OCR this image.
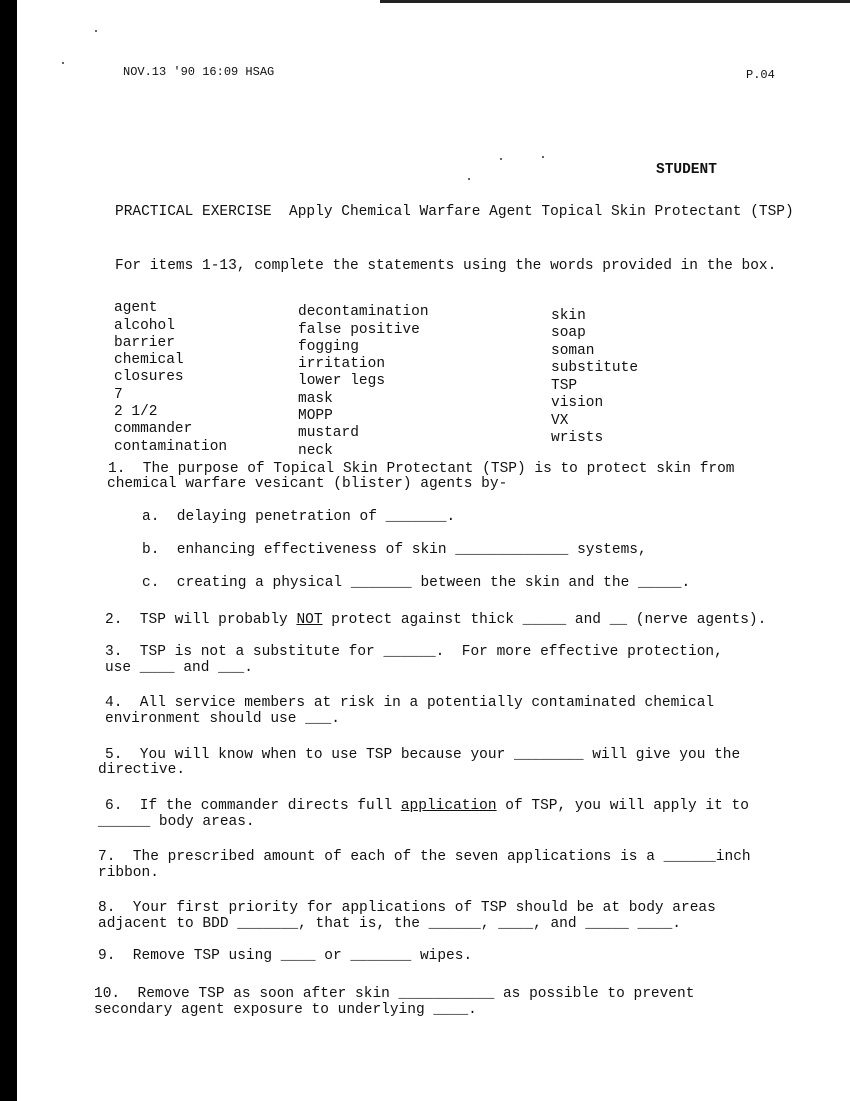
NOV.13 '90 16:09 HSAG	P.04
STUDENT
PRACTICAL EXERCISE  Apply Chemical Warfare Agent Topical Skin Protectant (TSP)
For items 1-13, complete the statements using the words provided in the box.

agent
alcohol
barrier
chemical
closures
7
2 1/2
commander
contamination

decontamination
false positive
fogging
irritation
lower legs
mask
MOPP
mustard
neck

skin
soap
soman
substitute
TSP
vision
VX
wrists
1.  The purpose of Topical Skin Protectant (TSP) is to protect skin from
chemical warfare vesicant (blister) agents by-
a.  delaying penetration of _______.
b.  enhancing effectiveness of skin _____________ systems,
c.  creating a physical _______ between the skin and the _____.
2.  TSP will probably NOT protect against thick _____ and __ (nerve agents).
3.  TSP is not a substitute for ______.  For more effective protection,
use ____ and ___.
4.  All service members at risk in a potentially contaminated chemical
environment should use ___.
5.  You will know when to use TSP because your ________ will give you the
directive.
6.  If the commander directs full application of TSP, you will apply it to
______ body areas.
7.  The prescribed amount of each of the seven applications is a ______inch
ribbon.
8.  Your first priority for applications of TSP should be at body areas
adjacent to BDD _______, that is, the ______, ____, and _____ ____.
9.  Remove TSP using ____ or _______ wipes.
10.  Remove TSP as soon after skin ___________ as possible to prevent
secondary agent exposure to underlying ____.
